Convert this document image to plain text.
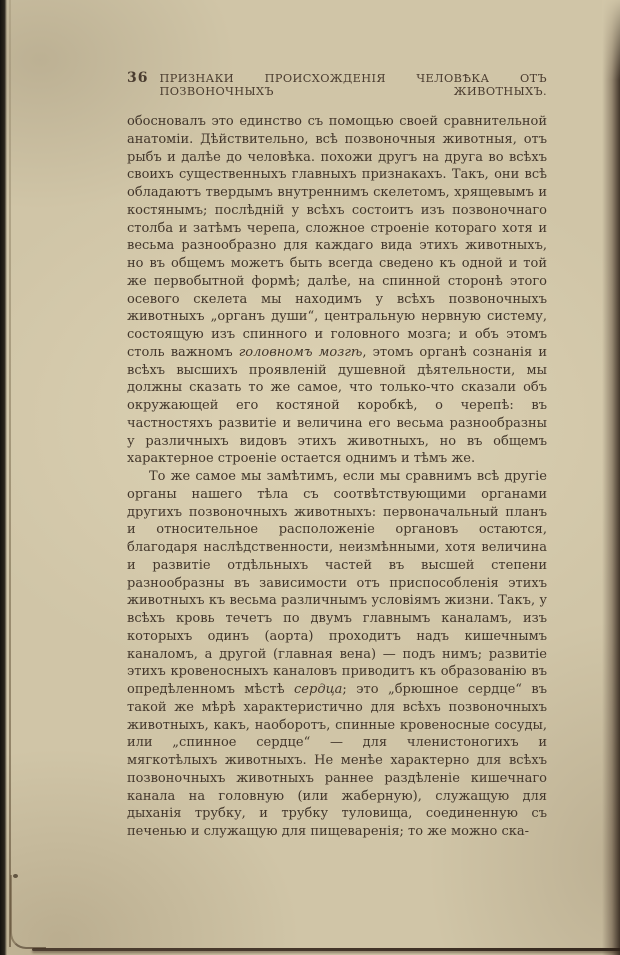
36 ПРИЗНАКИ ПРОИСХОЖДЕНІЯ ЧЕЛОВѢКА ОТЪ ПОЗВОНОЧНЫХЪ ЖИВОТНЫХЪ.

обосновалъ это единство съ помощью своей сравнительной анатоміи. Дѣйствительно, всѣ позвоночныя животныя, отъ рыбъ и далѣе до человѣка. похожи другъ на друга во всѣхъ своихъ существенныхъ главныхъ признакахъ. Такъ, они всѣ обладаютъ твердымъ внутреннимъ скелетомъ, хрящевымъ и костянымъ; послѣдній у всѣхъ состоитъ изъ позвоночнаго столба и затѣмъ черепа, сложное строеніе котораго хотя и весьма разнообразно для каждаго вида этихъ животныхъ, но въ общемъ можетъ быть всегда сведено къ одной и той же первобытной формѣ; далѣе, на спинной сторонѣ этого осевого скелета мы находимъ у всѣхъ позвоночныхъ животныхъ „органъ души“, центральную нервную систему, состоящую изъ спинного и головного мозга; и объ этомъ столь важномъ головномъ мозгѣ, этомъ органѣ сознанія и всѣхъ высшихъ проявленій душевной дѣятельности, мы должны сказать то же самое, что только-что сказали объ окружающей его костяной коробкѣ, о черепѣ: въ частностяхъ развитіе и величина его весьма разнообразны у различныхъ видовъ этихъ животныхъ, но въ общемъ характерное строеніе остается однимъ и тѣмъ же.

То же самое мы замѣтимъ, если мы сравнимъ всѣ другіе органы нашего тѣла съ соотвѣтствующими органами другихъ позвоночныхъ животныхъ: первоначальный планъ и относительное расположеніе органовъ остаются, благодаря наслѣдственности, неизмѣнными, хотя величина и развитіе отдѣльныхъ частей въ высшей степени разнообразны въ зависимости отъ приспособленія этихъ животныхъ къ весьма различнымъ условіямъ жизни. Такъ, у всѣхъ кровь течетъ по двумъ главнымъ каналамъ, изъ которыхъ одинъ (аорта) проходитъ надъ кишечнымъ каналомъ, а другой (главная вена) — подъ нимъ; развитіе этихъ кровеносныхъ каналовъ приводитъ къ образованію въ опредѣленномъ мѣстѣ сердца; это „брюшное сердце“ въ такой же мѣрѣ характеристично для всѣхъ позвоночныхъ животныхъ, какъ, наоборотъ, спинные кровеносные сосуды, или „спинное сердце“ — для членистоногихъ и мягкотѣлыхъ животныхъ. Не менѣе характерно для всѣхъ позвоночныхъ животныхъ раннее раздѣленіе кишечнаго канала на головную (или жаберную), служащую для дыханія трубку, и трубку туловища, соединенную съ печенью и служащую для пищеваренія; то же можно ска-
